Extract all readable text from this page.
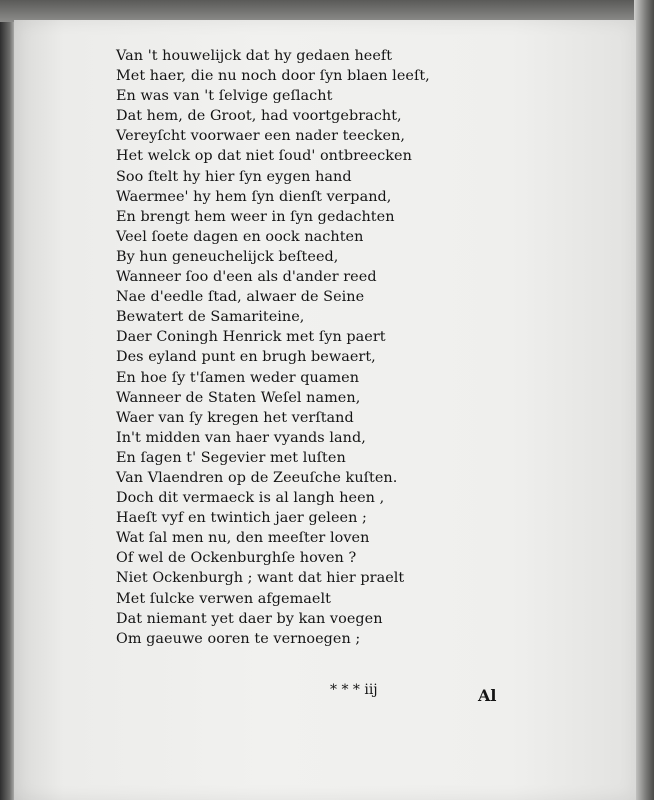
Van 't houwelijck dat hy gedaen heeft
Met haer, die nu noch door ſyn blaen leeſt,
En was van 't ſelvige geſlacht
Dat hem, de Groot, had voortgebracht,
Vereyſcht voorwaer een nader teecken,
Het welck op dat niet ſoud' ontbreecken
Soo ſtelt hy hier ſyn eygen hand
Waermee' hy hem ſyn dienſt verpand,
En brengt hem weer in ſyn gedachten
Veel ſoete dagen en oock nachten
By hun geneuchelijck beſteed,
Wanneer ſoo d'een als d'ander reed
Nae d'eedle ſtad, alwaer de Seine
Bewatert de Samariteine,
Daer Coningh Henrick met ſyn paert
Des eyland punt en brugh bewaert,
En hoe ſy t'ſamen weder quamen
Wanneer de Staten Weſel namen,
Waer van ſy kregen het verſtand
In't midden van haer vyands land,
En ſagen t' Segevier met luſten
Van Vlaendren op de Zeeuſche kuſten.
Doch dit vermaeck is al langh heen ,
Haeſt vyf en twintich jaer geleen ;
Wat ſal men nu, den meeſter loven
Of wel de Ockenburghſe hoven ?
Niet Ockenburgh ; want dat hier praelt
Met ſulcke verwen afgemaelt
Dat niemant yet daer by kan voegen
Om gaeuwe ooren te vernoegen ;
* * * iij	Al
